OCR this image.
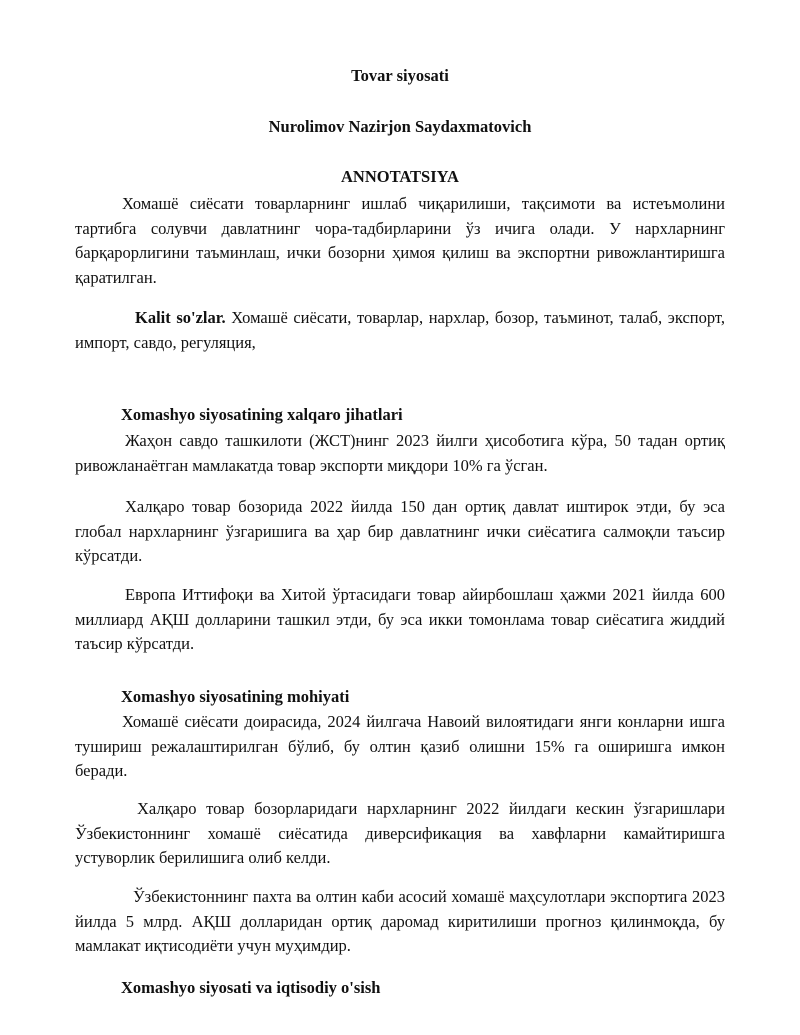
Tovar siyosati
Nurolimov Nazirjon Saydaxmatovich
ANNOTATSIYA

Хомашё сиёсати товарларнинг ишлаб чиқарилиши, тақсимоти ва истеъмолини тартибга солувчи давлатнинг чора-тадбирларини ўз ичига олади. У нархларнинг барқарорлигини таъминлаш, ички бозорни ҳимоя қилиш ва экспортни ривожлантиришга қаратилган.

Kalit so'zlar. Хомашё сиёсати, товарлар, нархлар, бозор, таъминот, талаб, экспорт, импорт, савдо, регуляция,

Xomashyo siyosatining xalqaro jihatlari

Жаҳон савдо ташкилоти (ЖСТ)нинг 2023 йилги ҳисоботига кўра, 50 тадан ортиқ ривожланаётган мамлакатда товар экспорти миқдори 10% га ўсган.

Халқаро товар бозорида 2022 йилда 150 дан ортиқ давлат иштирок этди, бу эса глобал нархларнинг ўзгаришига ва ҳар бир давлатнинг ички сиёсатига салмоқли таъсир кўрсатди.

Европа Иттифоқи ва Хитой ўртасидаги товар айирбошлаш ҳажми 2021 йилда 600 миллиард АҚШ долларини ташкил этди, бу эса икки томонлама товар сиёсатига жиддий таъсир кўрсатди.

Xomashyo siyosatining mohiyati

Хомашё сиёсати доирасида, 2024 йилгача Навоий вилоятидаги янги конларни ишга тушириш режалаштирилган бўлиб, бу олтин қазиб олишни 15% га оширишга имкон беради.

Халқаро товар бозорларидаги нархларнинг 2022 йилдаги кескин ўзгаришлари Ўзбекистоннинг хомашё сиёсатида диверсификация ва хавфларни камайтиришга устуворлик берилишига олиб келди.

Ўзбекистоннинг пахта ва олтин каби асосий хомашё маҳсулотлари экспортига 2023 йилда 5 млрд. АҚШ долларидан ортиқ даромад киритилиши прогноз қилинмоқда, бу мамлакат иқтисодиёти учун муҳимдир.

Xomashyo siyosati va iqtisodiy o'sish
